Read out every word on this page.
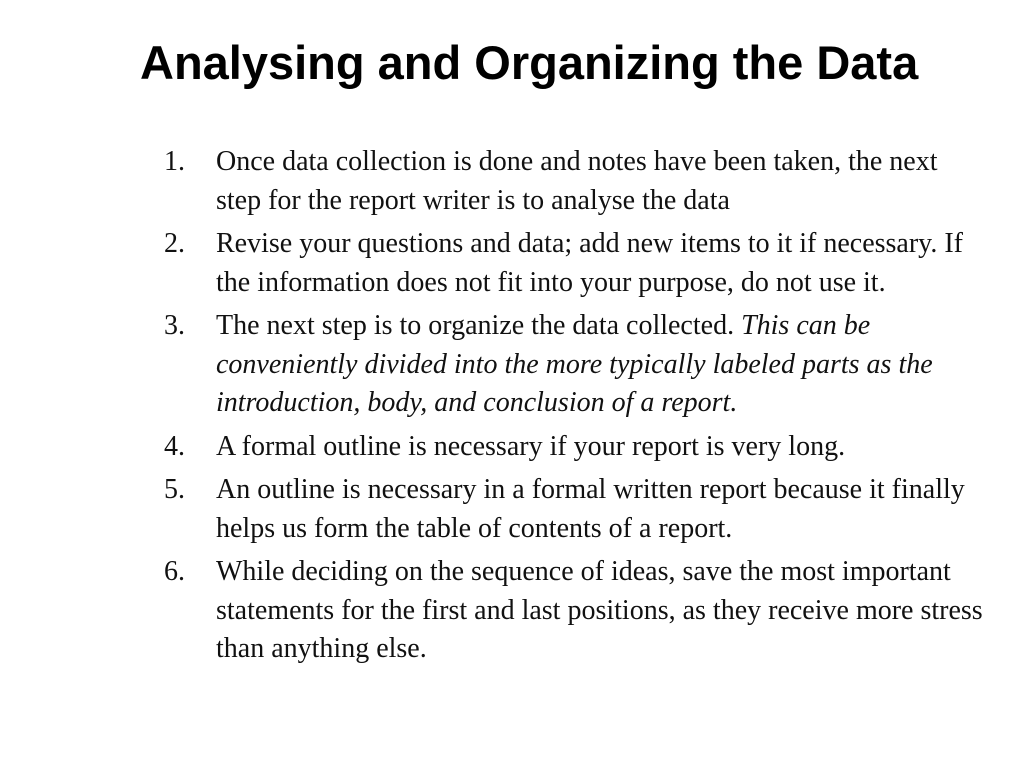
Analysing and Organizing the Data
1 .	Once data collection is done and notes have been taken, the next step for the report writer is to analyse the data
2 .	Revise your questions and data; add new items to it if necessary. If the information does not fit into your purpose, do not use it.
3 .	The next step is to organize the data collected. This can be conveniently divided into the more typically labeled parts as the introduction, body, and conclusion of a report.
4 .	A formal outline is necessary if your report is very long.
5 .	An outline is necessary in a formal written report because it finally helps us form the table of contents of a report.
6 .	While deciding on the sequence of ideas, save the most important statements for the first and last positions, as they receive more stress than anything else.
